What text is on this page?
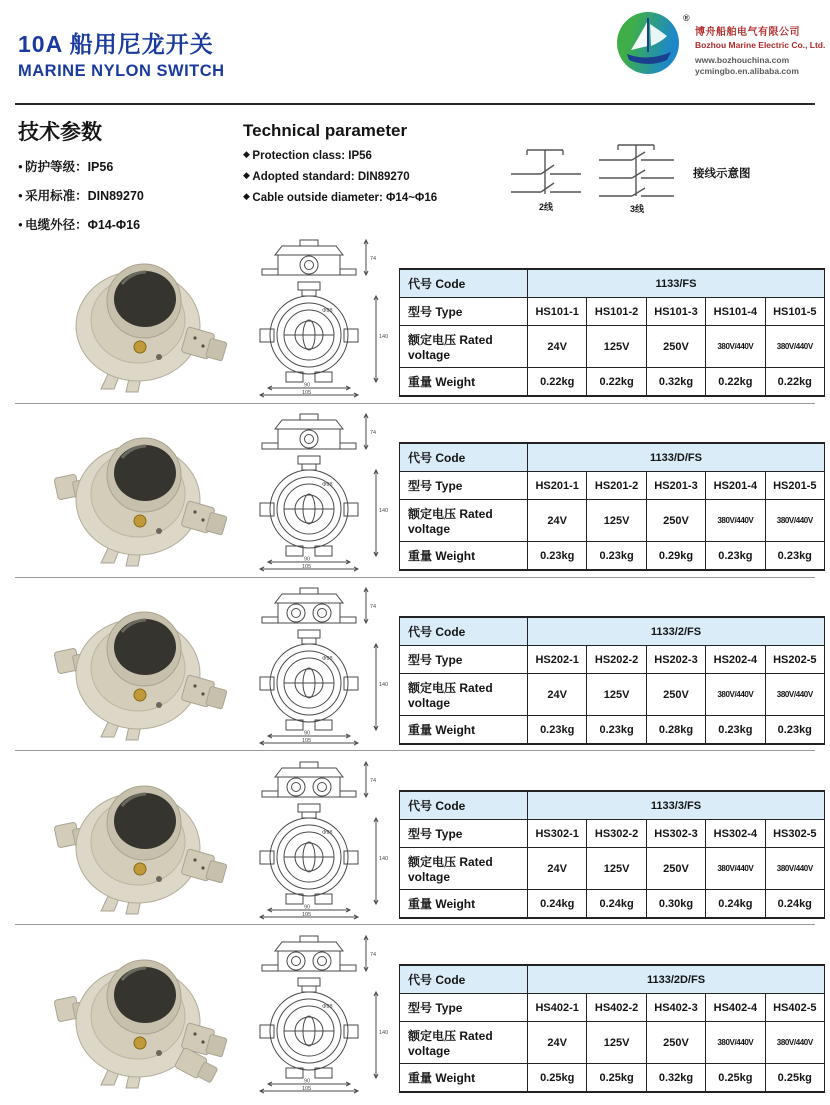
10A 船用尼龙开关
MARINE NYLON SWITCH
®
博舟船舶电气有限公司
Bozhou Marine Electric Co., Ltd.
www.bozhouchina.com
ycmingbo.en.alibaba.com
技术参数
● 防护等级：IP56
● 采用标准：DIN89270
● 电缆外径：Φ14-Φ16
Technical parameter
◆ Protection class: IP56
◆ Adopted standard: DIN89270
◆ Cable outside diameter: Φ14~Φ16
2线	3线
接线示意图
74
Φ98
90
105
140
代号 Code	1133/FS				
型号 Type	HS101-1	HS101-2	HS101-3	HS101-4	HS101-5
额定电压 Rated voltage	24V	125V	250V	380V/440V	380V/440V
重量 Weight	0.22kg	0.22kg	0.32kg	0.22kg	0.22kg
74
Φ98
90
105
140
代号 Code	1133/D/FS				
型号 Type	HS201-1	HS201-2	HS201-3	HS201-4	HS201-5
额定电压 Rated voltage	24V	125V	250V	380V/440V	380V/440V
重量 Weight	0.23kg	0.23kg	0.29kg	0.23kg	0.23kg
74
Φ98
90
105
140
代号 Code	1133/2/FS				
型号 Type	HS202-1	HS202-2	HS202-3	HS202-4	HS202-5
额定电压 Rated voltage	24V	125V	250V	380V/440V	380V/440V
重量 Weight	0.23kg	0.23kg	0.28kg	0.23kg	0.23kg
74
Φ98
90
105
140
代号 Code	1133/3/FS				
型号 Type	HS302-1	HS302-2	HS302-3	HS302-4	HS302-5
额定电压 Rated voltage	24V	125V	250V	380V/440V	380V/440V
重量 Weight	0.24kg	0.24kg	0.30kg	0.24kg	0.24kg
74
Φ98
90
105
140
代号 Code	1133/2D/FS				
型号 Type	HS402-1	HS402-2	HS402-3	HS402-4	HS402-5
额定电压 Rated voltage	24V	125V	250V	380V/440V	380V/440V
重量 Weight	0.25kg	0.25kg	0.32kg	0.25kg	0.25kg
